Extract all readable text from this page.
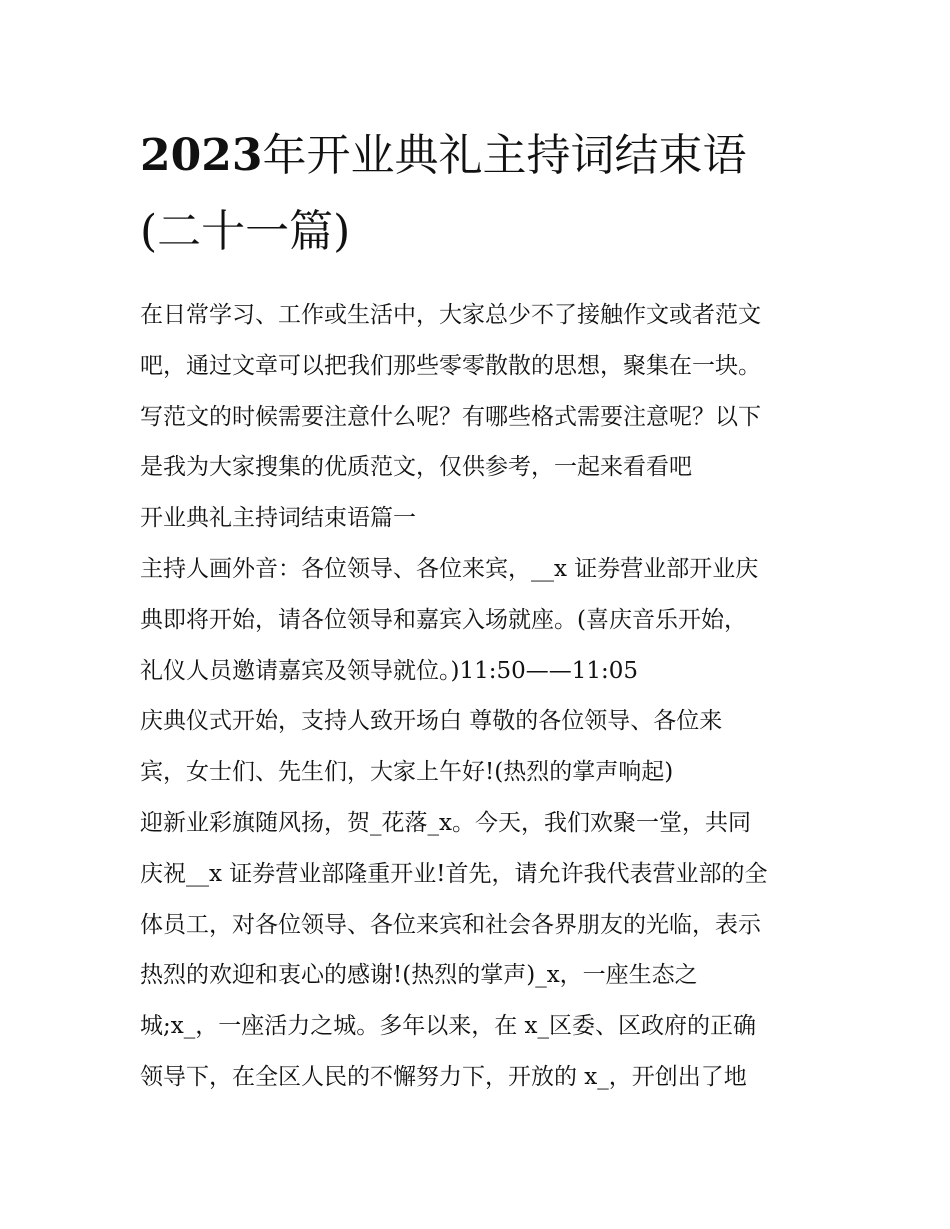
2023年开业典礼主持词结束语
(二十一篇)

在日常学习、工作或生活中，大家总少不了接触作文或者范文
吧，通过文章可以把我们那些零零散散的思想，聚集在一块。
写范文的时候需要注意什么呢？有哪些格式需要注意呢？以下
是我为大家搜集的优质范文，仅供参考，一起来看看吧

开业典礼主持词结束语篇一

主持人画外音：各位领导、各位来宾，__x 证券营业部开业庆
典即将开始，请各位领导和嘉宾入场就座。(喜庆音乐开始，
礼仪人员邀请嘉宾及领导就位。)11:50——11:05

庆典仪式开始，支持人致开场白 尊敬的各位领导、各位来
宾，女士们、先生们，大家上午好!(热烈的掌声响起)

迎新业彩旗随风扬，贺_花落_x。今天，我们欢聚一堂，共同
庆祝__x 证券营业部隆重开业!首先，请允许我代表营业部的全
体员工，对各位领导、各位来宾和社会各界朋友的光临，表示
热烈的欢迎和衷心的感谢!(热烈的掌声)_x，一座生态之
城;x_，一座活力之城。多年以来，在 x_区委、区政府的正确
领导下，在全区人民的不懈努力下，开放的 x_，开创出了地
